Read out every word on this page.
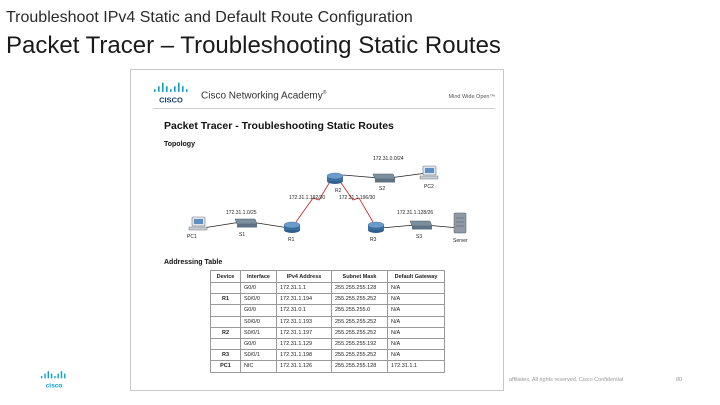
Troubleshoot IPv4 Static and Default Route Configuration
Packet Tracer – Troubleshooting Static Routes
CISCO Cisco Networking Academy®
Mind Wide Open™
Packet Tracer - Troubleshooting Static Routes
Topology
PC1	S1
R1
R2	S2	PC2
R3	S3
Server
172.31.1.0/25
172.31.0.0/24
172.31.1.192/30	172.31.1.196/30
172.31.1.128/26
Addressing Table
Device	Interface	IPv4 Address	Subnet Mask	Default Gateway
	G0/0	172.31.1.1	255.255.255.128	N/A
R1	S0/0/0	172.31.1.194	255.255.255.252	N/A
	G0/0	172.31.0.1	255.255.255.0	N/A
	S0/0/0	172.31.1.193	255.255.255.252	N/A
R2	S0/0/1	172.31.1.197	255.255.255.252	N/A
	G0/0	172.31.1.129	255.255.255.192	N/A
R3	S0/0/1	172.31.1.198	255.255.255.252	N/A
PC1	NIC	172.31.1.126	255.255.255.128	172.31.1.1
cisco
affiliates. All rights reserved. Cisco Confidential	80
